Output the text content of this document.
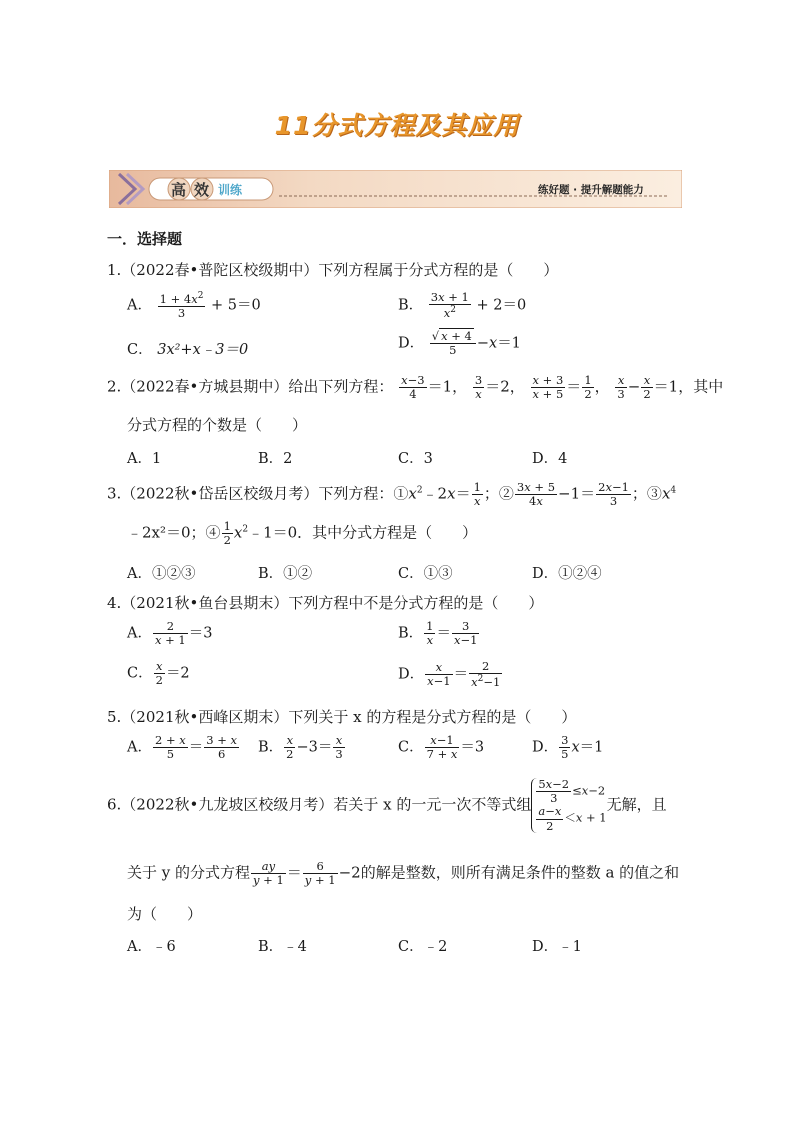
11分式方程及其应用
高 效 训练	练好题 · 提升解题能力
一．选择题
1.（2022春•普陀区校级期中）下列方程属于分式方程的是（　　）
A． $\frac{1 + 4x^2}{3} + 5=0$	B． $\frac{3x + 1}{x^2} + 2=0$
C． 3x²+x﹣3＝0	D． $\frac{√ x + 4}{5} -x=1$
2.（2022春•方城县期中）给出下列方程： $\frac{x-3}{4} =1$， $\frac{3}{x} =2$， $\frac{x + 3}{x + 5} = \frac{1}{2}$ ， $\frac{x}{3} - \frac{x}{2} =1$，其中
分式方程的个数是（　　）
A．1	B．2	C．3	D．4
3.（2022秋•岱岳区校级月考）下列方程：$①x^2﹣2x= \frac{1}{x}$ ；② $\frac{3x + 5}{4x} -1= \frac{2x-1}{3}$ ；$③x^4$
﹣2x²＝0；④ $\frac{1}{2}$ $x^2﹣1=0$．其中分式方程是（　　）
A．①②③	B．①②	C．①③	D．①②④
4.（2021秋•鱼台县期末）下列方程中不是分式方程的是（　　）
A． $\frac{2}{x + 1} =3$	B． $\frac{1}{x} = \frac{3}{x-1}$
C． $\frac{x}{2} =2$	D． $\frac{x}{x-1} = \frac{2}{x^2-1}$
5.（2021秋•西峰区期末）下列关于 x 的方程是分式方程的是（　　）
A． $\frac{2 + x}{5} = \frac{3 + x}{6}$ B． $\frac{x}{2} -3= \frac{x}{3}$	C． $\frac{x-1}{7 + x} =3$	D． $\frac{3}{5} x=1$
6.（2022秋•九龙坡区校级月考）若关于 x 的一元一次不等式组 $\frac{5x-2}{3} \le x-2$
$\frac{a-x}{2} <x + 1$
无解，且
关于 y 的分式方程 $\frac{ay}{y + 1} = \frac{6}{y + 1} -2$的解是整数，则所有满足条件的整数 a 的值之和
为（　　）
A．﹣6	B．﹣4	C．﹣2	D．﹣1
